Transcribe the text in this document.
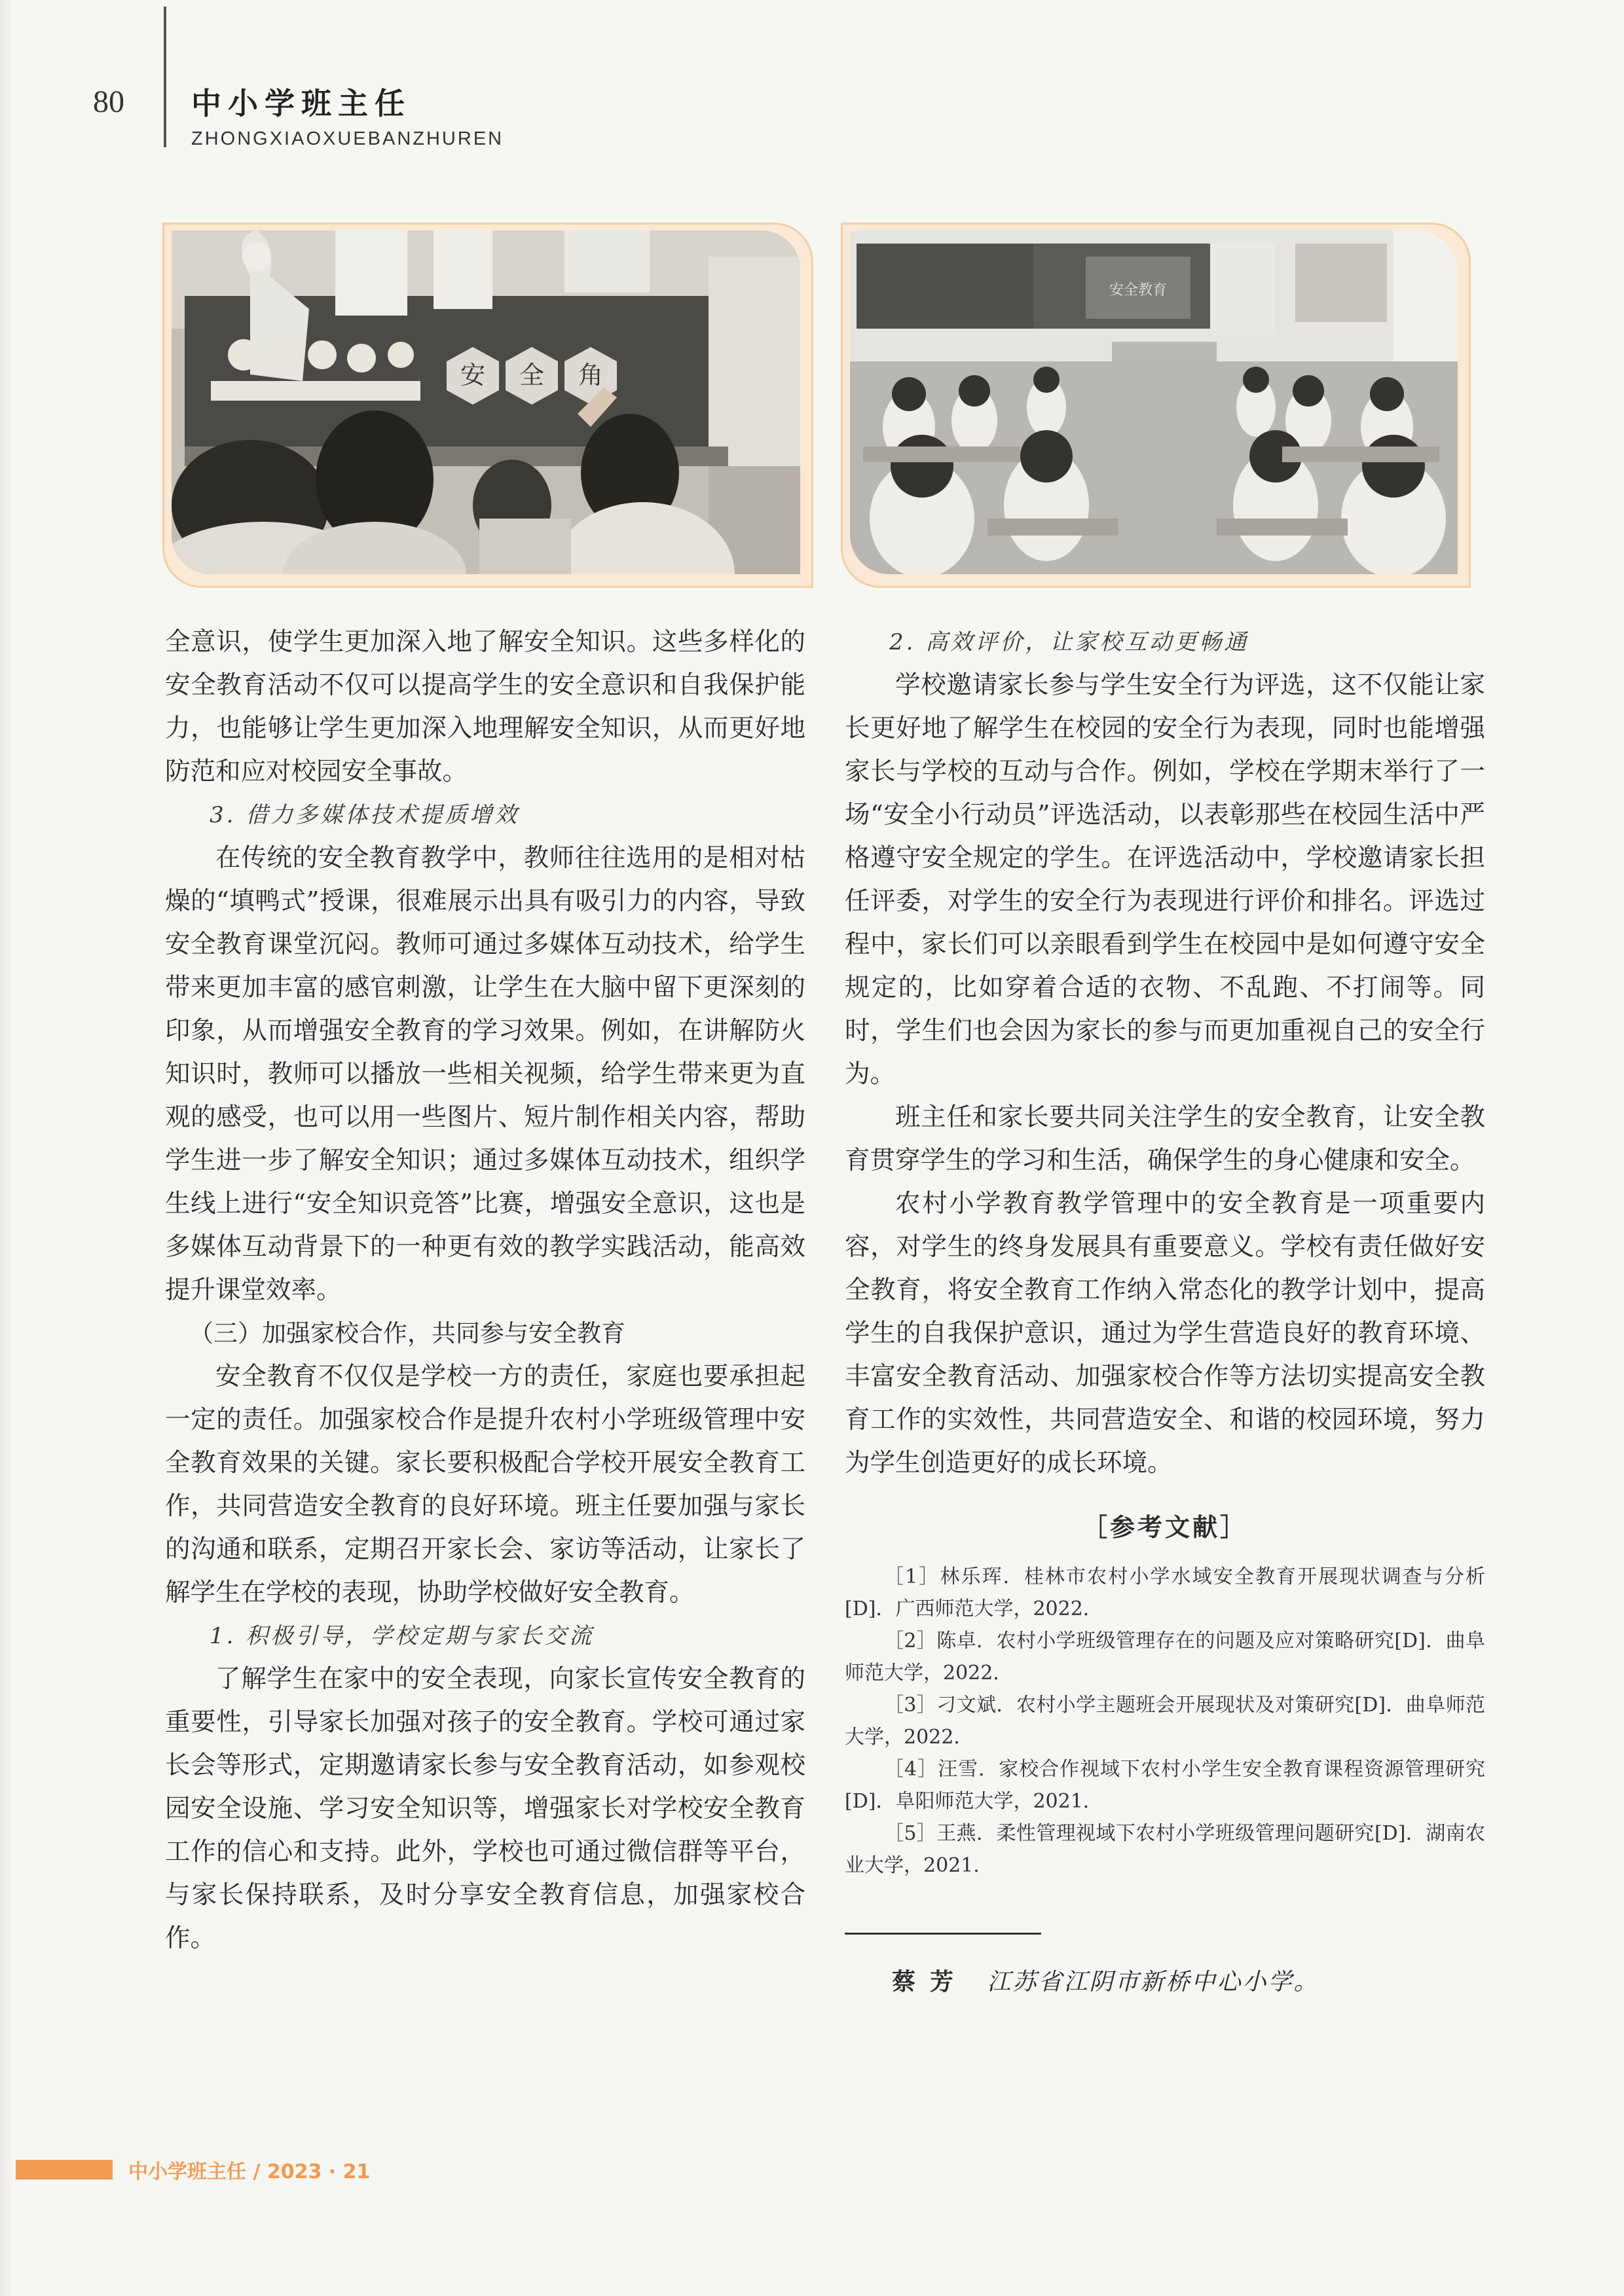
80 中小学班主任
ZHONGXIAOXUEBANZHUREN
安 全 角
安全教育

全意识，使学生更加深入地了解安全知识。这些多样化的安全教育活动不仅可以提高学生的安全意识和自我保护能力，也能够让学生更加深入地理解安全知识，从而更好地防范和应对校园安全事故。

3. 借力多媒体技术提质增效

在传统的安全教育教学中，教师往往选用的是相对枯燥的“填鸭式”授课，很难展示出具有吸引力的内容，导致安全教育课堂沉闷。教师可通过多媒体互动技术，给学生带来更加丰富的感官刺激，让学生在大脑中留下更深刻的印象，从而增强安全教育的学习效果。例如，在讲解防火知识时，教师可以播放一些相关视频，给学生带来更为直观的感受，也可以用一些图片、短片制作相关内容，帮助学生进一步了解安全知识；通过多媒体互动技术，组织学生线上进行“安全知识竞答”比赛，增强安全意识，这也是多媒体互动背景下的一种更有效的教学实践活动，能高效提升课堂效率。

（三）加强家校合作，共同参与安全教育

安全教育不仅仅是学校一方的责任，家庭也要承担起一定的责任。加强家校合作是提升农村小学班级管理中安全教育效果的关键。家长要积极配合学校开展安全教育工作，共同营造安全教育的良好环境。班主任要加强与家长的沟通和联系，定期召开家长会、家访等活动，让家长了解学生在学校的表现，协助学校做好安全教育。

1. 积极引导，学校定期与家长交流

了解学生在家中的安全表现，向家长宣传安全教育的重要性，引导家长加强对孩子的安全教育。学校可通过家长会等形式，定期邀请家长参与安全教育活动，如参观校园安全设施、学习安全知识等，增强家长对学校安全教育工作的信心和支持。此外，学校也可通过微信群等平台，与家长保持联系，及时分享安全教育信息，加强家校合作。

2. 高效评价，让家校互动更畅通

学校邀请家长参与学生安全行为评选，这不仅能让家长更好地了解学生在校园的安全行为表现，同时也能增强家长与学校的互动与合作。例如，学校在学期末举行了一场“安全小行动员”评选活动，以表彰那些在校园生活中严格遵守安全规定的学生。在评选活动中，学校邀请家长担任评委，对学生的安全行为表现进行评价和排名。评选过程中，家长们可以亲眼看到学生在校园中是如何遵守安全规定的，比如穿着合适的衣物、不乱跑、不打闹等。同时，学生们也会因为家长的参与而更加重视自己的安全行为。

班主任和家长要共同关注学生的安全教育，让安全教育贯穿学生的学习和生活，确保学生的身心健康和安全。

农村小学教育教学管理中的安全教育是一项重要内容，对学生的终身发展具有重要意义。学校有责任做好安全教育，将安全教育工作纳入常态化的教学计划中，提高学生的自我保护意识，通过为学生营造良好的教育环境、丰富安全教育活动、加强家校合作等方法切实提高安全教育工作的实效性，共同营造安全、和谐的校园环境，努力为学生创造更好的成长环境。

［参考文献］

［1］林乐珲．桂林市农村小学水域安全教育开展现状调查与分析[D]．广西师范大学，2022．

［2］陈卓．农村小学班级管理存在的问题及应对策略研究[D]．曲阜师范大学，2022．

［3］刁文斌．农村小学主题班会开展现状及对策研究[D]．曲阜师范大学，2022．

［4］汪雪．家校合作视域下农村小学生安全教育课程资源管理研究[D]．阜阳师范大学，2021．

［5］王燕．柔性管理视域下农村小学班级管理问题研究[D]．湖南农业大学，2021．

蔡芳 江苏省江阴市新桥中心小学。

中小学班主任 / 2023 · 21
